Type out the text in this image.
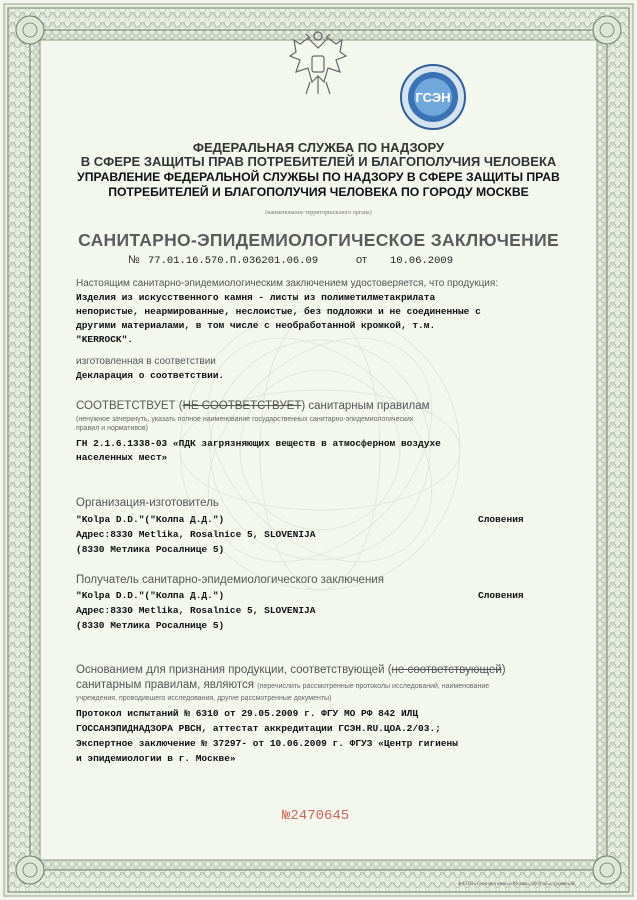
ГСЭН
ФЕДЕРАЛЬНАЯ СЛУЖБА ПО НАДЗОРУ
В СФЕРЕ ЗАЩИТЫ ПРАВ ПОТРЕБИТЕЛЕЙ И БЛАГОПОЛУЧИЯ ЧЕЛОВЕКА
УПРАВЛЕНИЕ ФЕДЕРАЛЬНОЙ СЛУЖБЫ ПО НАДЗОРУ В СФЕРЕ ЗАЩИТЫ ПРАВ
ПОТРЕБИТЕЛЕЙ И БЛАГОПОЛУЧИЯ ЧЕЛОВЕКА ПО ГОРОДУ МОСКВЕ
(наименование территориального органа)
САНИТАРНО-ЭПИДЕМИОЛОГИЧЕСКОЕ ЗАКЛЮЧЕНИЕ
№ 77.01.16.570.П.036201.06.09	от 10.06.2009
Настоящим санитарно-эпидемиологическим заключением удостоверяется, что продукция:
Изделия из искусственного камня - листы из полиметилметакрилата
непористые, неармированные, неслоистые, без подложки и не соединенные с
другими материалами, в том числе с необработанной кромкой, т.м.
"KERROCK".
изготовленная в соответствии
Декларация о соответствии.
СООТВЕТСТВУЕТ (НЕ СООТВЕТСТВУЕТ) санитарным правилам
(ненужное зачеркнуть, указать полное наименование государственных санитарно-эпидемиологических
правил и нормативов)
ГН 2.1.6.1338-03 «ПДК загрязняющих веществ в атмосферном воздухе
населенных мест»
Организация-изготовитель
"Kolpa D.D."("Колпа Д.Д.")	Словения
Адрес:8330 Metlika, Rosalnice 5, SLOVENIJA
(8330 Метлика Росалнице 5)
Получатель санитарно-эпидемиологического заключения
"Kolpa D.D."("Колпа Д.Д.")	Словения
Адрес:8330 Metlika, Rosalnice 5, SLOVENIJA
(8330 Метлика Росалнице 5)
Основанием для признания продукции, соответствующей (не соответствующей)
санитарным правилам, являются (перечислить рассмотренные протоколы исследований, наименование
учреждения, проводившего исследования, другие рассмотренные документы)
Протокол испытаний № 6310 от 29.05.2009 г. ФГУ МО РФ 842 ИЛЦ
ГОССАНЭПИДНАДЗОРА РВСН, аттестат аккредитации ГСЭН.RU.ЦОА.2/03.;
Экспертное заключение № 37297- от 10.06.2009 г. ФГУЗ «Центр гигиены
и эпидемиологии в г. Москве»
№2470645
ф-ГНП «Госзнак-печать» Москва, 2009 «Б», уровень В
